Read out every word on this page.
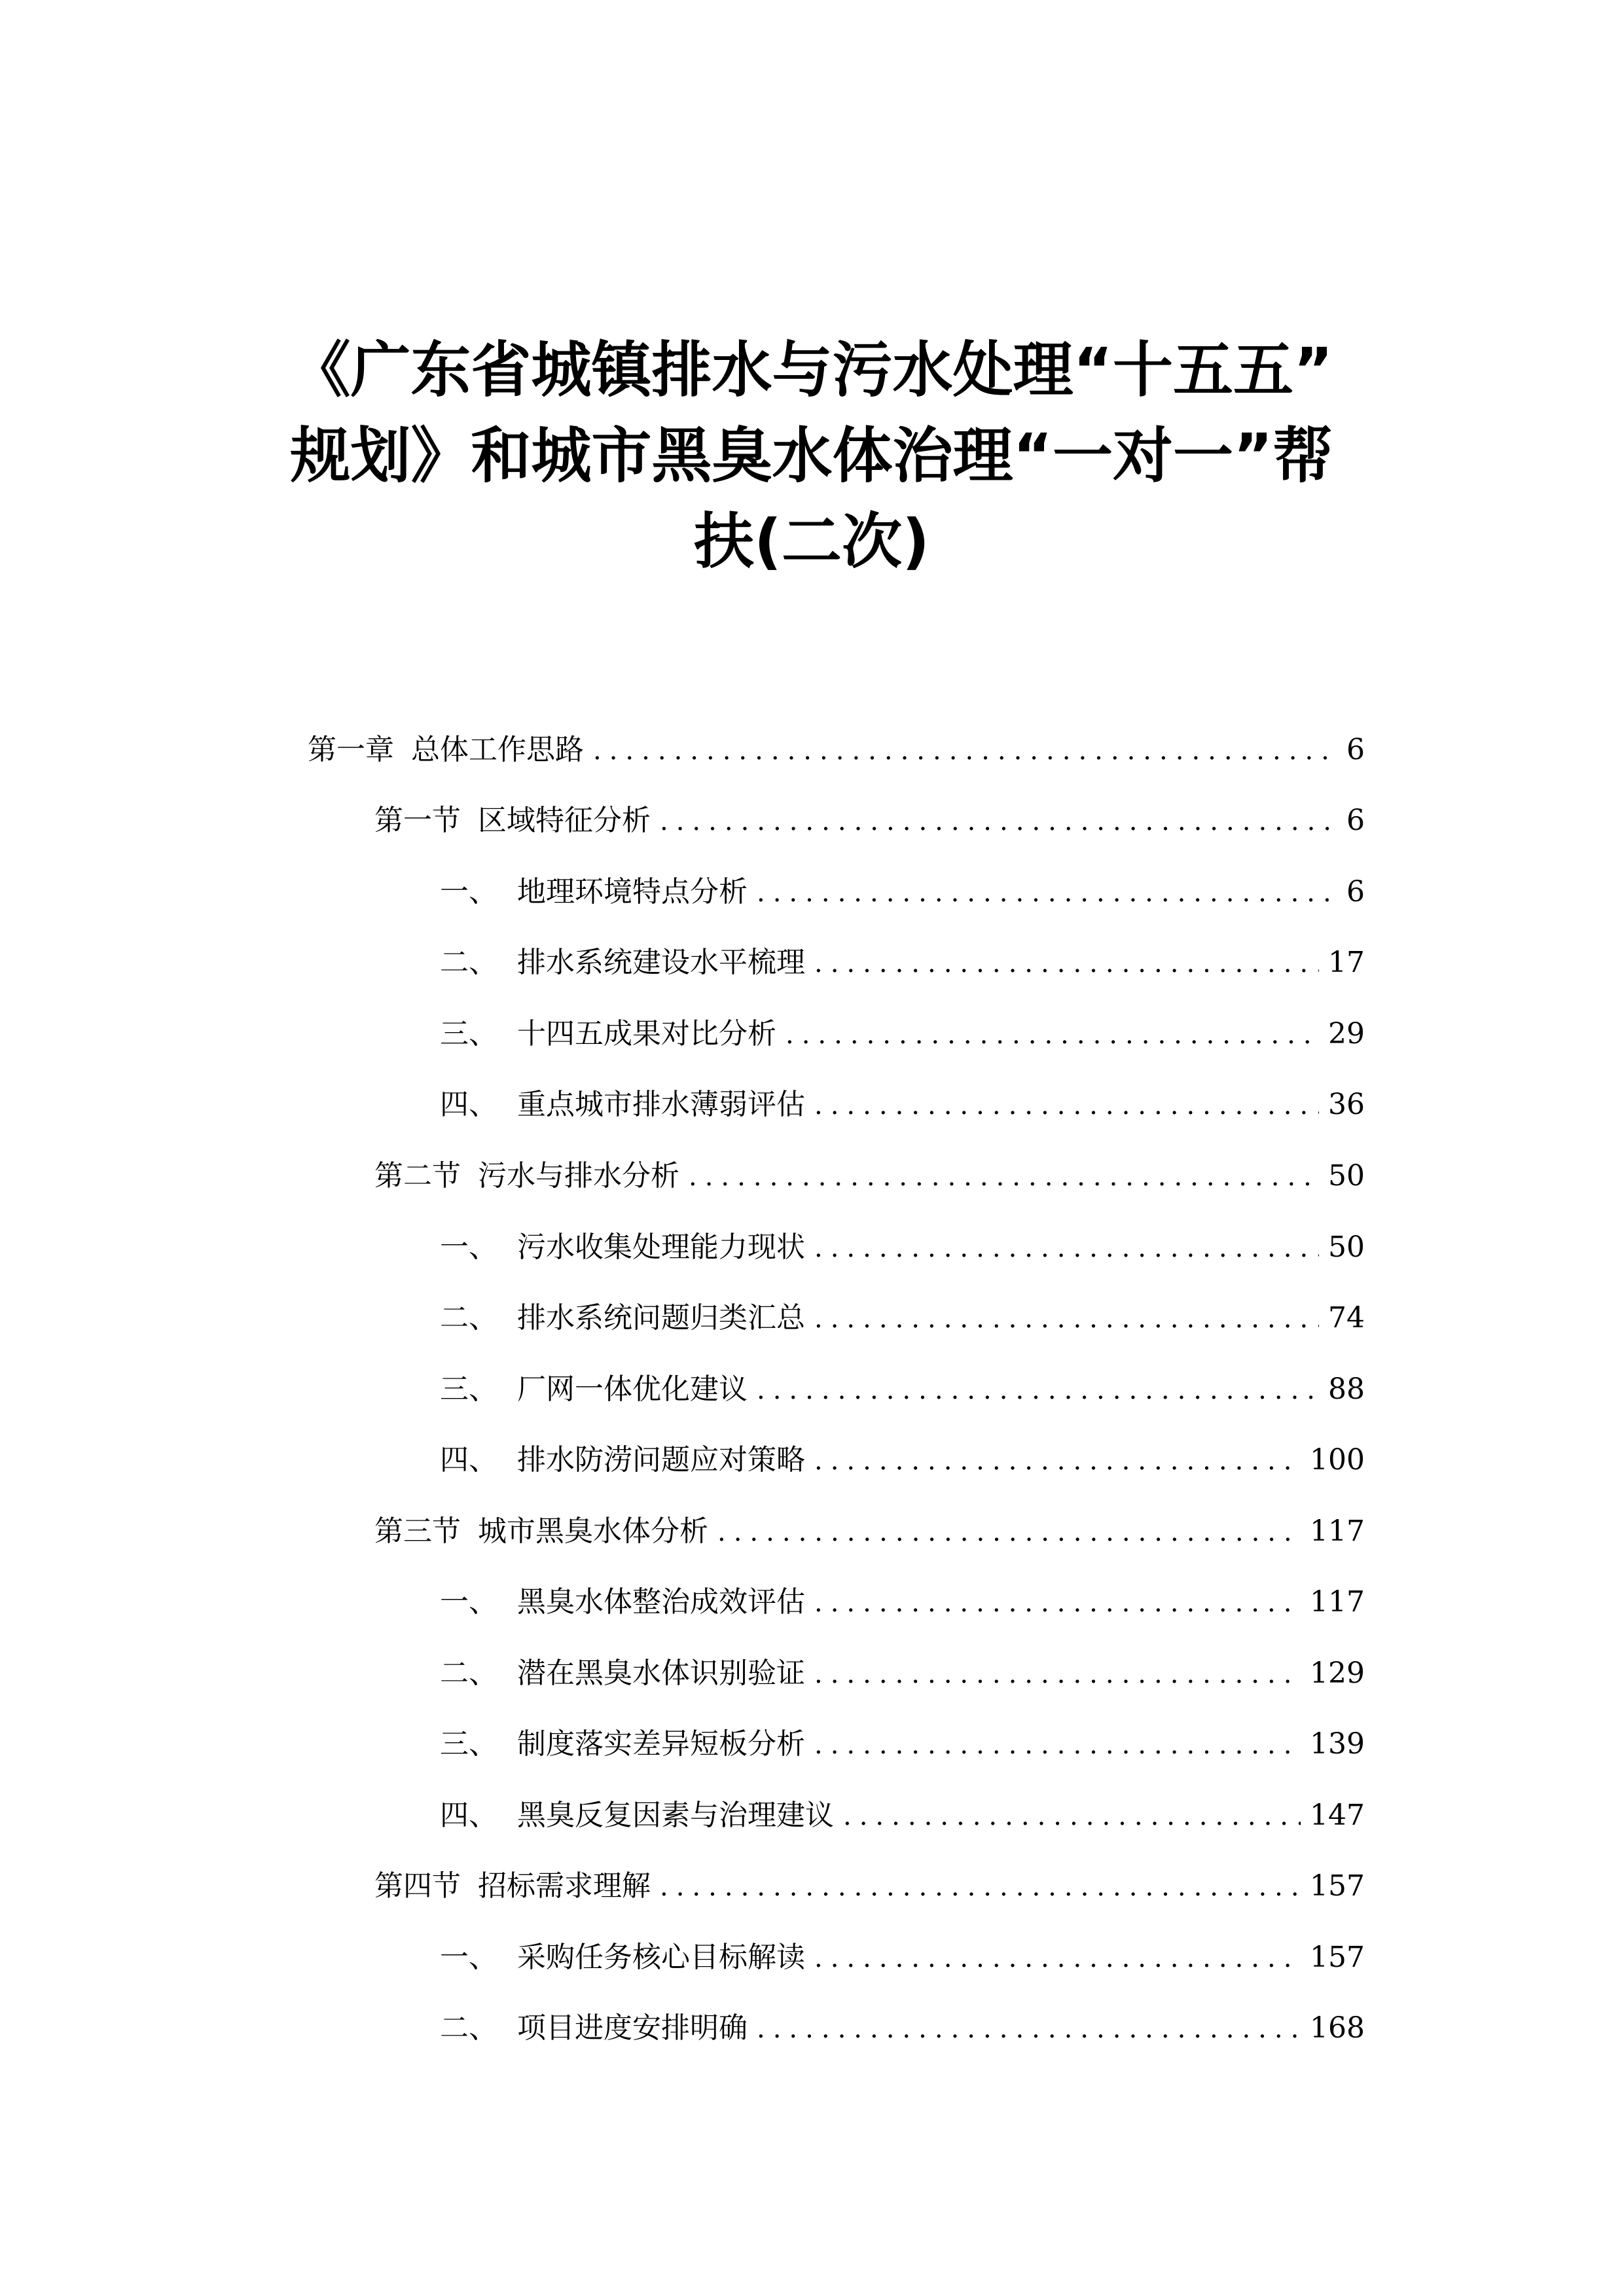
《广东省城镇排水与污水处理“十五五”
规划》和城市黑臭水体治理“一对一”帮
扶(二次)
第一章 总体工作思路 .....	6
第一节 区域特征分析 .....	6
一、 地理环境特点分析 .....	6
二、 排水系统建设水平梳理 .....	17
三、 十四五成果对比分析 .....	29
四、 重点城市排水薄弱评估 .....	36
第二节 污水与排水分析 .....	50
一、 污水收集处理能力现状 .....	50
二、 排水系统问题归类汇总 .....	74
三、 厂网一体优化建议 .....	88
四、 排水防涝问题应对策略 .....	100
第三节 城市黑臭水体分析 .....	117
一、 黑臭水体整治成效评估 .....	117
二、 潜在黑臭水体识别验证 .....	129
三、 制度落实差异短板分析 .....	139
四、 黑臭反复因素与治理建议 .....	147
第四节 招标需求理解 .....	157
一、 采购任务核心目标解读 .....	157
二、 项目进度安排明确 .....	168
